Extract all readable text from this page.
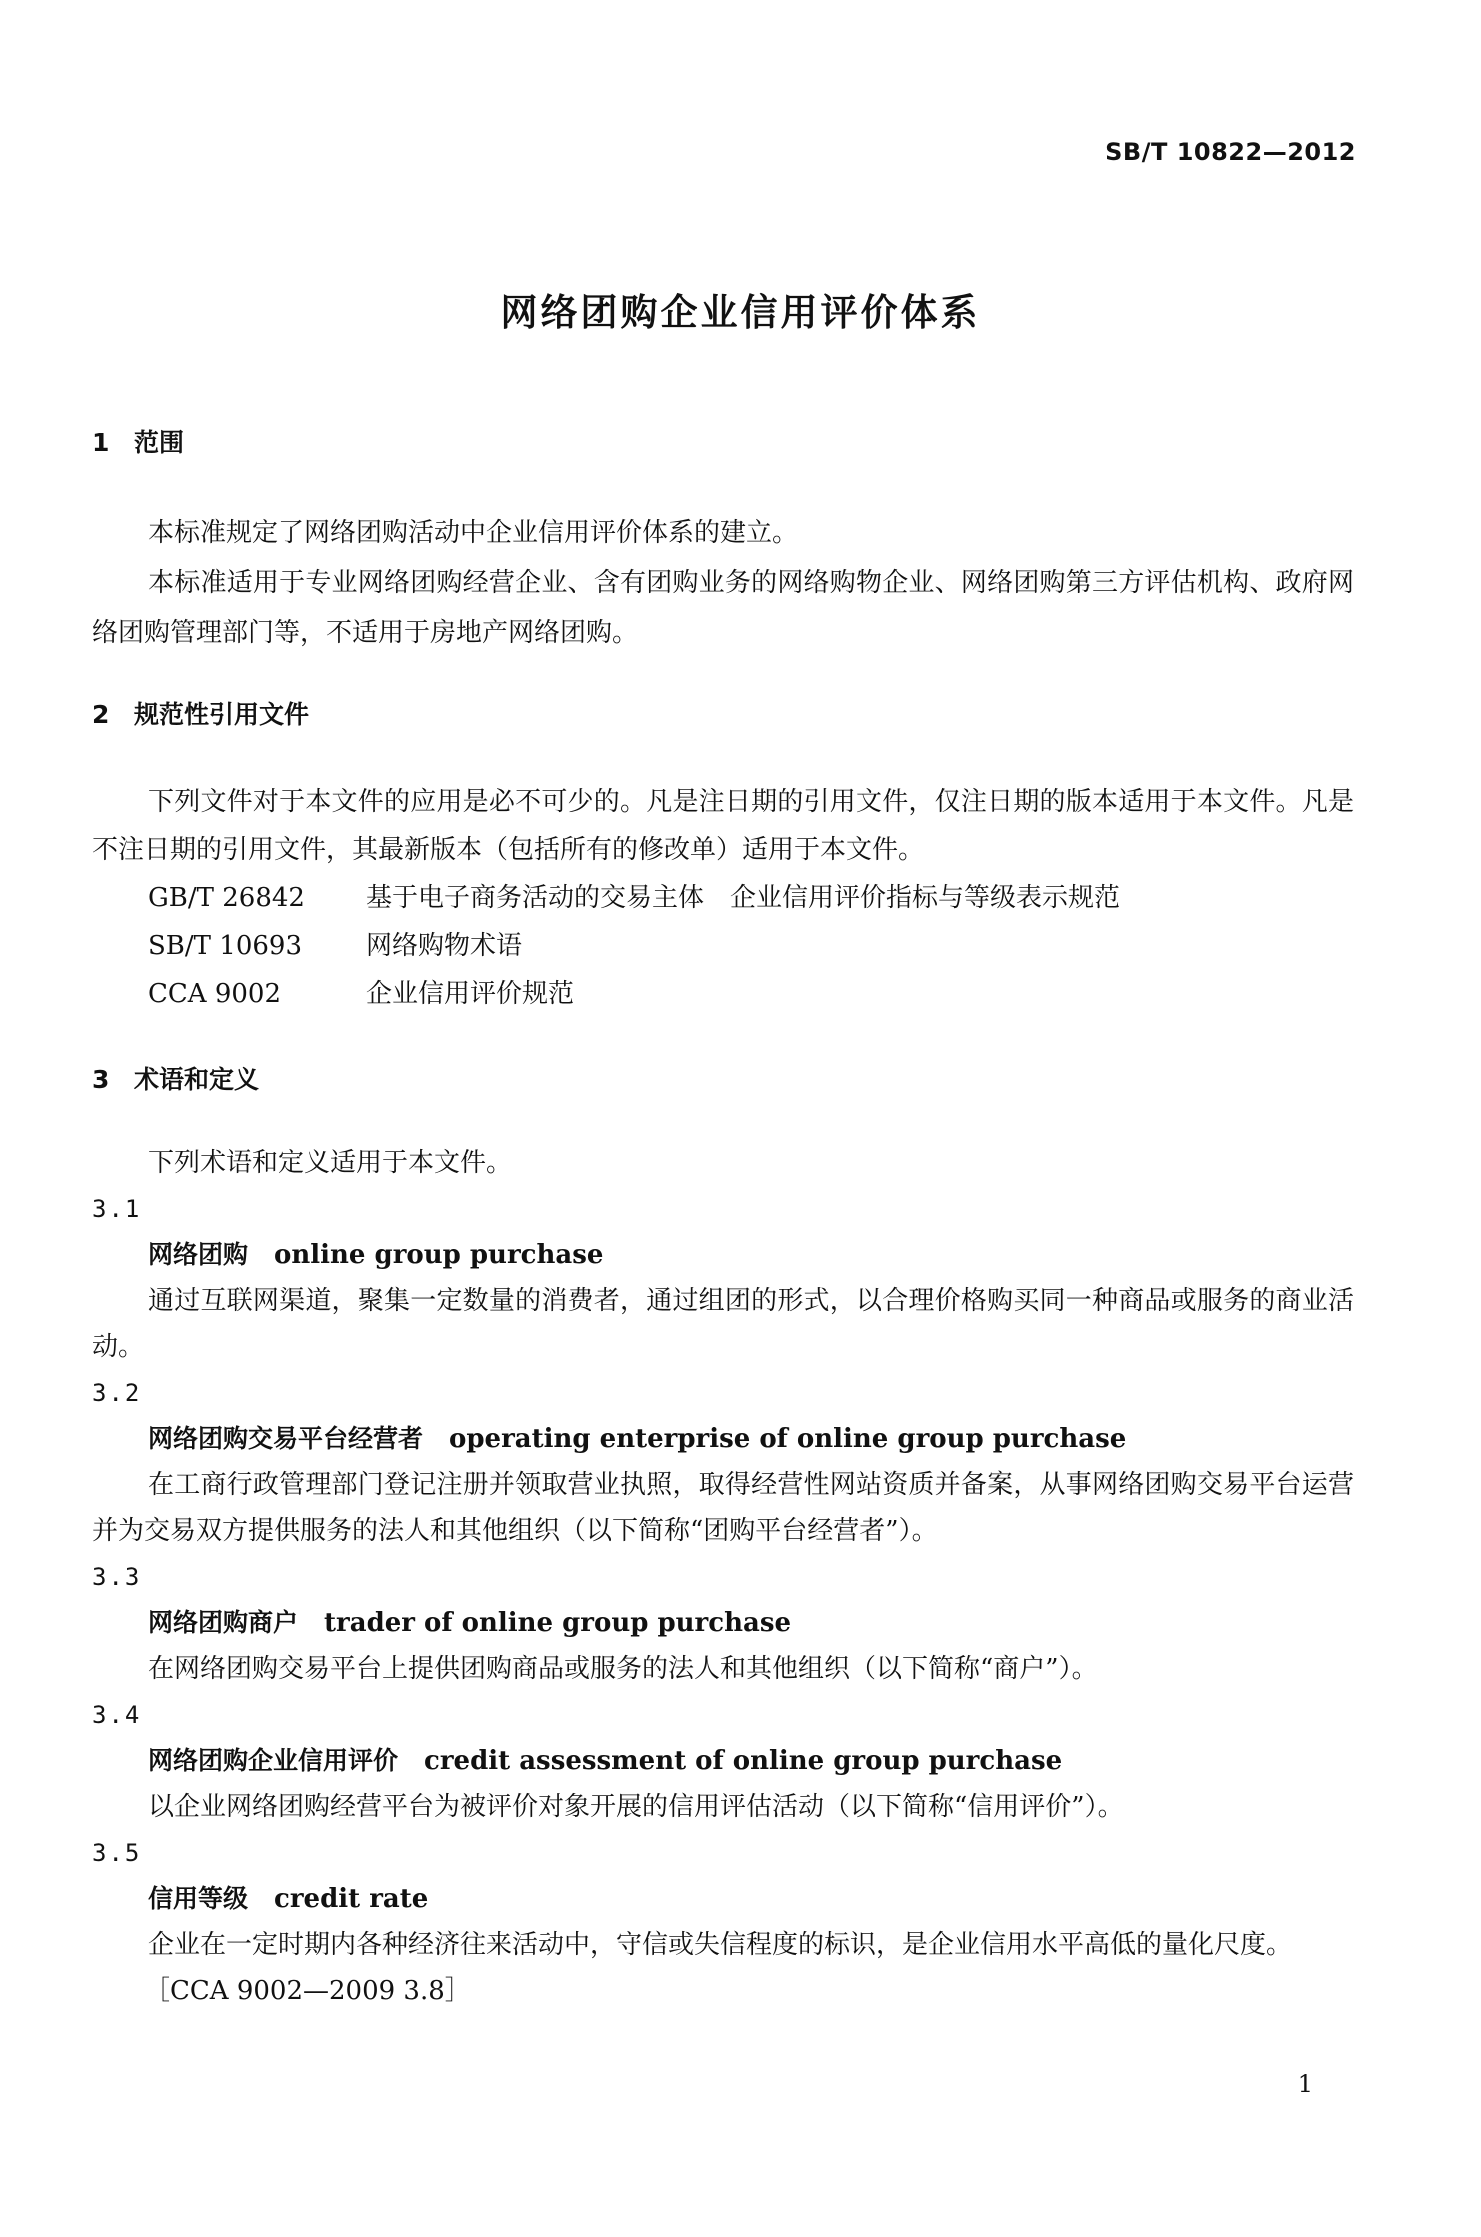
SB/T 10822—2012
网络团购企业信用评价体系
1 范围
本标准规定了网络团购活动中企业信用评价体系的建立。
本标准适用于专业网络团购经营企业、含有团购业务的网络购物企业、网络团购第三方评估机构、政府网络团购管理部门等，不适用于房地产网络团购。
2 规范性引用文件
下列文件对于本文件的应用是必不可少的。凡是注日期的引用文件，仅注日期的版本适用于本文件。凡是不注日期的引用文件，其最新版本（包括所有的修改单）适用于本文件。
GB/T 26842 基于电子商务活动的交易主体　企业信用评价指标与等级表示规范
SB/T 10693 网络购物术语
CCA 9002	企业信用评价规范
3 术语和定义
下列术语和定义适用于本文件。
3.1
网络团购 online group purchase
通过互联网渠道，聚集一定数量的消费者，通过组团的形式，以合理价格购买同一种商品或服务的商业活动。
3.2
网络团购交易平台经营者 operating enterprise of online group purchase
在工商行政管理部门登记注册并领取营业执照，取得经营性网站资质并备案，从事网络团购交易平台运营并为交易双方提供服务的法人和其他组织（以下简称“团购平台经营者”）。
3.3
网络团购商户 trader of online group purchase
在网络团购交易平台上提供团购商品或服务的法人和其他组织（以下简称“商户”）。
3.4
网络团购企业信用评价 credit assessment of online group purchase
以企业网络团购经营平台为被评价对象开展的信用评估活动（以下简称“信用评价”）。
3.5
信用等级 credit rate
企业在一定时期内各种经济往来活动中，守信或失信程度的标识，是企业信用水平高低的量化尺度。
［CCA 9002—2009 3.8］
1
